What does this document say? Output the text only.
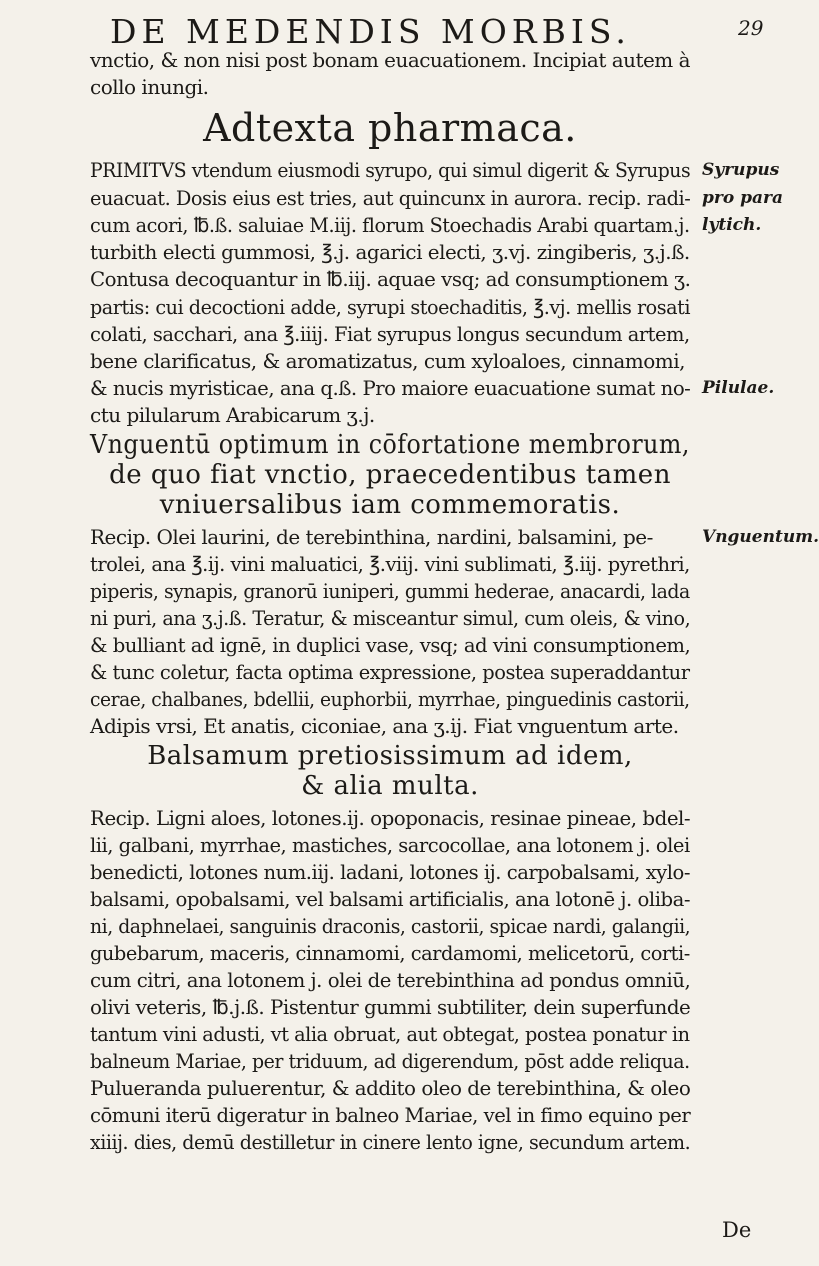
DE MEDENDIS MORBIS.	29
vnctio, & non nisi post bonam euacuationem. Incipiat autem à
collo inungi.
Adtexta pharmaca.
PRIMITVS vtendum eiusmodi syrupo, qui simul digerit & Syrupus
euacuat. Dosis eius est tries, aut quincunx in aurora. recip. radi-
cum acori, ℔.ß. saluiae M.iij. florum Stoechadis Arabi quartam.j.
turbith electi gummosi, ℥.j. agarici electi, ʒ.vj. zingiberis, ʒ.j.ß.
Contusa decoquantur in ℔.iij. aquae vsq; ad consumptionem ʒ.
partis: cui decoctioni adde, syrupi stoechaditis, ℥.vj. mellis rosati
colati, sacchari, ana ℥.iiij. Fiat syrupus longus secundum artem,
bene clarificatus, & aromatizatus, cum xyloaloes, cinnamomi,
& nucis myristicae, ana q.ß. Pro maiore euacuatione sumat no-
ctu pilularum Arabicarum ʒ.j.
Vnguentū optimum in cōfortatione membrorum,
de quo fiat vnctio, praecedentibus tamen
vniuersalibus iam commemoratis.
Recip. Olei laurini, de terebinthina, nardini, balsamini, pe-
trolei, ana ℥.ij. vini maluatici, ℥.viij. vini sublimati, ℥.iij. pyrethri,
piperis, synapis, granorū iuniperi, gummi hederae, anacardi, lada
ni puri, ana ʒ.j.ß. Teratur, & misceantur simul, cum oleis, & vino,
& bulliant ad ignē, in duplici vase, vsq; ad vini consumptionem,
& tunc coletur, facta optima expressione, postea superaddantur
cerae, chalbanes, bdellii, euphorbii, myrrhae, pinguedinis castorii,
Adipis vrsi, Et anatis, ciconiae, ana ʒ.ij. Fiat vnguentum arte.
Balsamum pretiosissimum ad idem,
& alia multa.
Recip. Ligni aloes, lotones.ij. opoponacis, resinae pineae, bdel-
lii, galbani, myrrhae, mastiches, sarcocollae, ana lotonem j. olei
benedicti, lotones num.iij. ladani, lotones ij. carpobalsami, xylo-
balsami, opobalsami, vel balsami artificialis, ana lotonē j. oliba-
ni, daphnelaei, sanguinis draconis, castorii, spicae nardi, galangii,
gubebarum, maceris, cinnamomi, cardamomi, melicetorū, corti-
cum citri, ana lotonem j. olei de terebinthina ad pondus omniū,
olivi veteris, ℔.j.ß. Pistentur gummi subtiliter, dein superfunde
tantum vini adusti, vt alia obruat, aut obtegat, postea ponatur in
balneum Mariae, per triduum, ad digerendum, pōst adde reliqua.
Pulueranda puluerentur, & addito oleo de terebinthina, & oleo
cōmuni iterū digeratur in balneo Mariae, vel in fimo equino per
xiiij. dies, demū destilletur in cinere lento igne, secundum artem.
Syrupus
pro para
lytich.
Pilulae.
Vnguentum.
De
